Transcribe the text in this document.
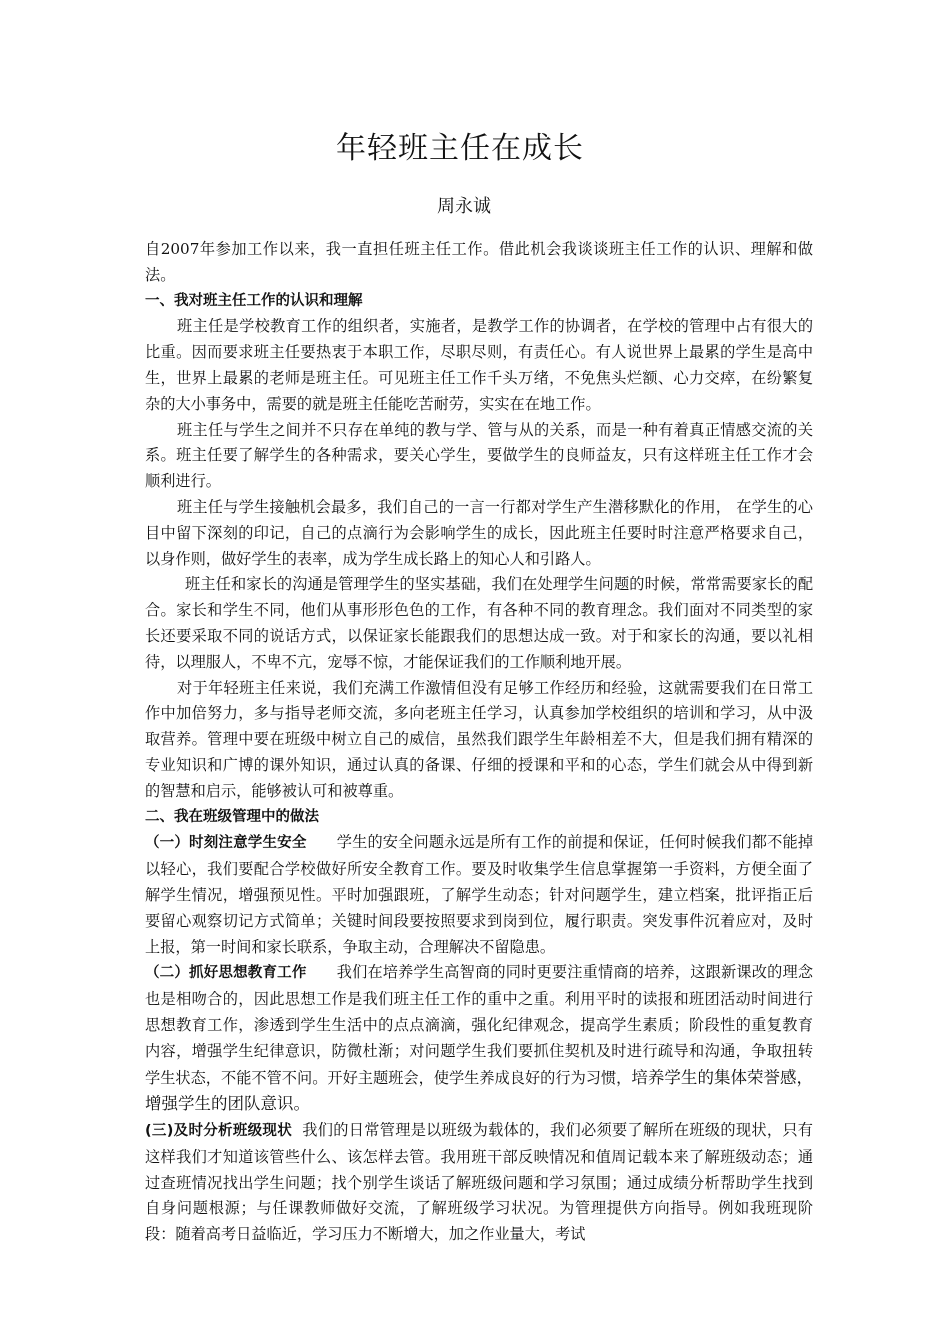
年轻班主任在成长
周永诚

自2007年参加工作以来，我一直担任班主任工作。借此机会我谈谈班主任工作的认识、理解和做法。

一、我对班主任工作的认识和理解

班主任是学校教育工作的组织者，实施者，是教学工作的协调者，在学校的管理中占有很大的比重。因而要求班主任要热衷于本职工作，尽职尽则，有责任心。有人说世界上最累的学生是高中生，世界上最累的老师是班主任。可见班主任工作千头万绪，不免焦头烂额、心力交瘁，在纷繁复杂的大小事务中，需要的就是班主任能吃苦耐劳，实实在在地工作。

班主任与学生之间并不只存在单纯的教与学、管与从的关系，而是一种有着真正情感交流的关系。班主任要了解学生的各种需求，要关心学生，要做学生的良师益友，只有这样班主任工作才会顺利进行。

班主任与学生接触机会最多，我们自己的一言一行都对学生产生潜移默化的作用， 在学生的心目中留下深刻的印记，自己的点滴行为会影响学生的成长，因此班主任要时时注意严格要求自己，以身作则，做好学生的表率，成为学生成长路上的知心人和引路人。

班主任和家长的沟通是管理学生的坚实基础，我们在处理学生问题的时候，常常需要家长的配合。家长和学生不同，他们从事形形色色的工作，有各种不同的教育理念。我们面对不同类型的家长还要采取不同的说话方式，以保证家长能跟我们的思想达成一致。对于和家长的沟通，要以礼相待，以理服人，不卑不亢，宠辱不惊，才能保证我们的工作顺利地开展。

对于年轻班主任来说，我们充满工作激情但没有足够工作经历和经验，这就需要我们在日常工作中加倍努力，多与指导老师交流，多向老班主任学习，认真参加学校组织的培训和学习，从中汲取营养。管理中要在班级中树立自己的威信，虽然我们跟学生年龄相差不大，但是我们拥有精深的专业知识和广博的课外知识，通过认真的备课、仔细的授课和平和的心态，学生们就会从中得到新的智慧和启示，能够被认可和被尊重。

二、我在班级管理中的做法

（一）时刻注意学生安全 学生的安全问题永远是所有工作的前提和保证，任何时候我们都不能掉以轻心，我们要配合学校做好所安全教育工作。要及时收集学生信息掌握第一手资料，方便全面了解学生情况，增强预见性。平时加强跟班，了解学生动态；针对问题学生，建立档案，批评指正后要留心观察切记方式简单；关键时间段要按照要求到岗到位，履行职责。突发事件沉着应对，及时上报，第一时间和家长联系，争取主动，合理解决不留隐患。

（二）抓好思想教育工作 我们在培养学生高智商的同时更要注重情商的培养，这跟新课改的理念也是相吻合的，因此思想工作是我们班主任工作的重中之重。利用平时的读报和班团活动时间进行思想教育工作，渗透到学生生活中的点点滴滴，强化纪律观念，提高学生素质；阶段性的重复教育内容，增强学生纪律意识，防微杜渐；对问题学生我们要抓住契机及时进行疏导和沟通，争取扭转学生状态，不能不管不问。开好主题班会，使学生养成良好的行为习惯，培养学生的集体荣誉感， 增强学生的团队意识。

(三)及时分析班级现状 我们的日常管理是以班级为载体的，我们必须要了解所在班级的现状，只有这样我们才知道该管些什么、该怎样去管。我用班干部反映情况和值周记载本来了解班级动态；通过查班情况找出学生问题；找个别学生谈话了解班级问题和学习氛围；通过成绩分析帮助学生找到自身问题根源；与任课教师做好交流，了解班级学习状况。为管理提供方向指导。例如我班现阶段：随着高考日益临近，学习压力不断增大，加之作业量大，考试
